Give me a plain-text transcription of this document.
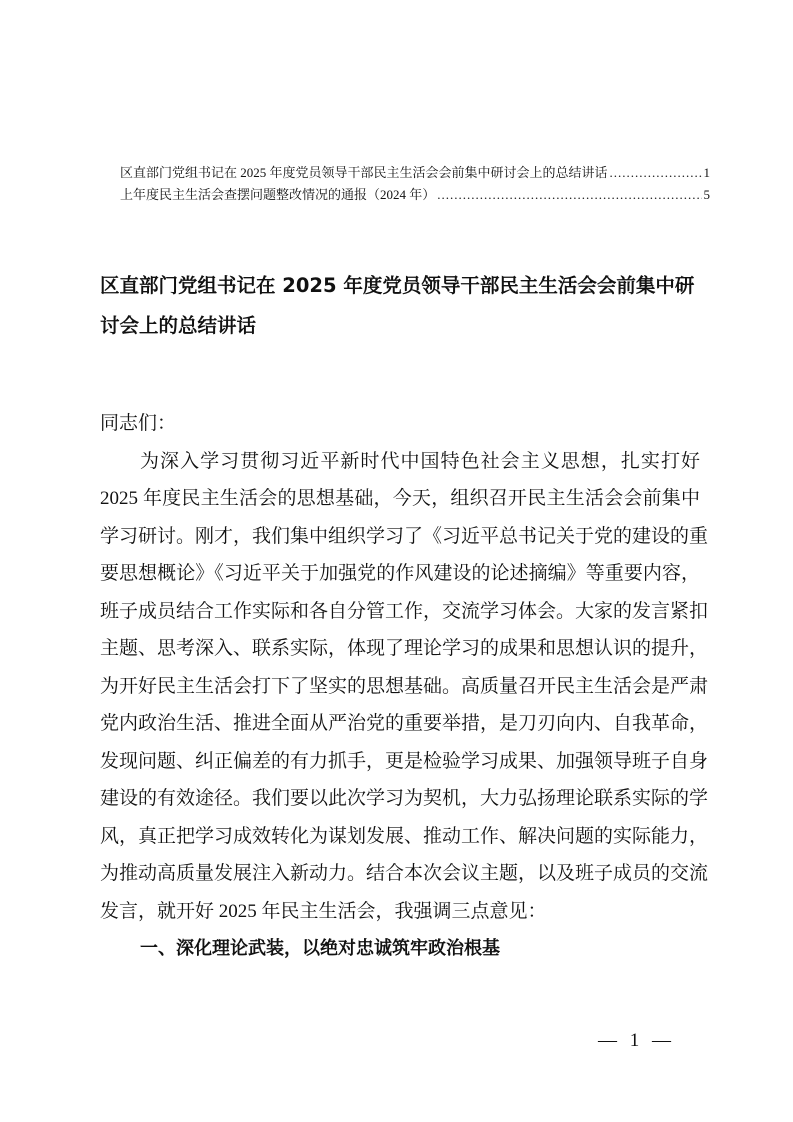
区直部门党组书记在 2025 年度党员领导干部民主生活会会前集中研讨会上的总结讲话 .....	1
上年度民主生活会查摆问题整改情况的通报（2024 年） .....	5
区直部门党组书记在 2025 年度党员领导干部民主生活会会前集中研
讨会上的总结讲话
同志们：
为深入学习贯彻习近平新时代中国特色社会主义思想，扎实打好
2025 年度民主生活会的思想基础，今天，组织召开民主生活会会前集中
学习研讨。刚才，我们集中组织学习了《习近平总书记关于党的建设的重
要思想概论》《习近平关于加强党的作风建设的论述摘编》等重要内容，
班子成员结合工作实际和各自分管工作，交流学习体会。大家的发言紧扣
主题、思考深入、联系实际，体现了理论学习的成果和思想认识的提升，
为开好民主生活会打下了坚实的思想基础。高质量召开民主生活会是严肃
党内政治生活、推进全面从严治党的重要举措，是刀刃向内、自我革命，
发现问题、纠正偏差的有力抓手，更是检验学习成果、加强领导班子自身
建设的有效途径。我们要以此次学习为契机，大力弘扬理论联系实际的学
风，真正把学习成效转化为谋划发展、推动工作、解决问题的实际能力，
为推动高质量发展注入新动力。结合本次会议主题，以及班子成员的交流
发言，就开好 2025 年民主生活会，我强调三点意见：
一、深化理论武装，以绝对忠诚筑牢政治根基
— 1 —
